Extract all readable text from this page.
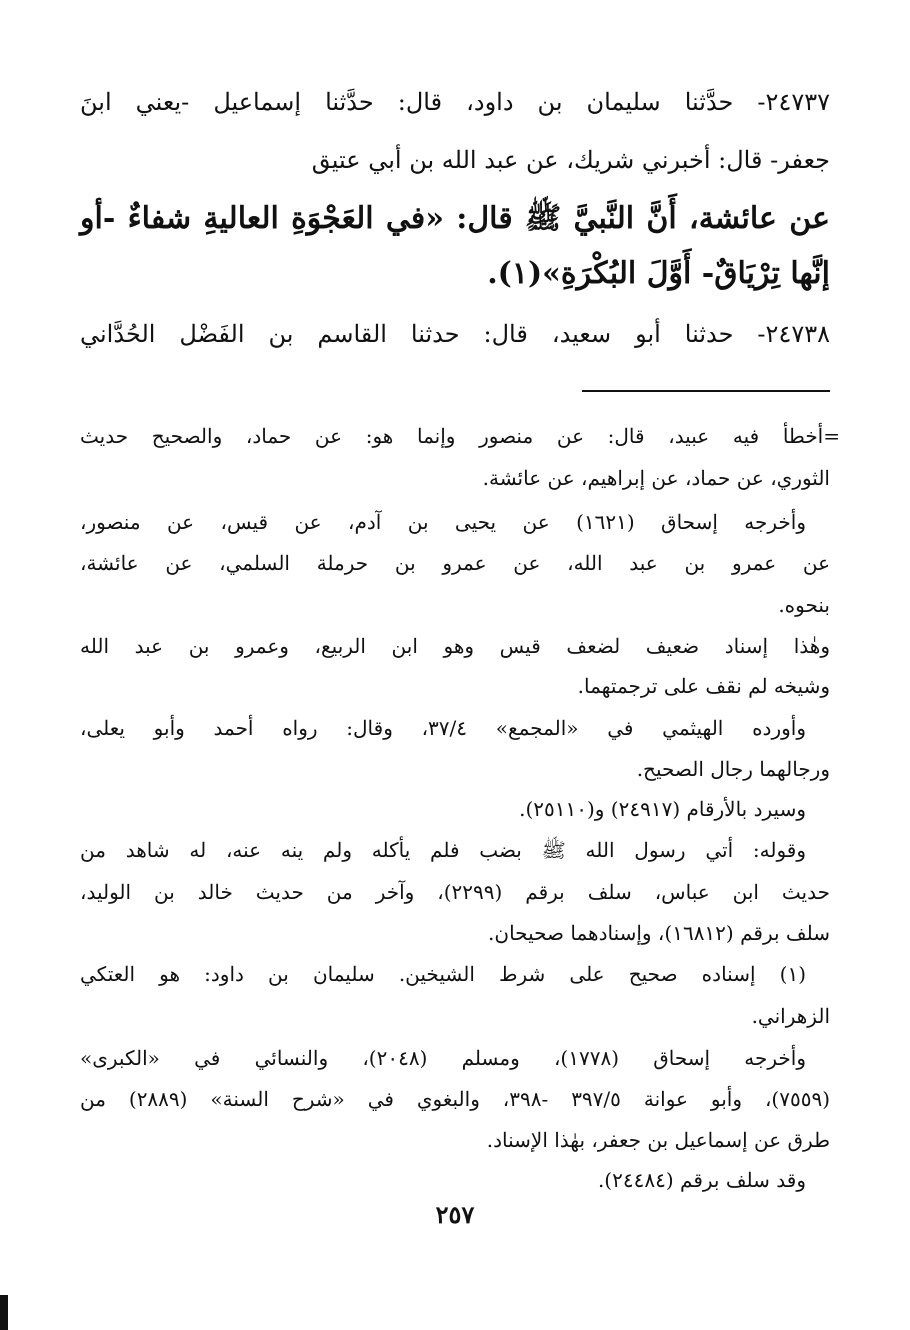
٢٤٧٣٧- حدَّثنا سليمان بن داود، قال: حدَّثنا إسماعيل -يعني ابنَ
جعفر- قال: أخبرني شريك، عن عبد الله بن أبي عتيق
عن عائشة، أَنَّ النَّبيَّ ﷺ قال: «في العَجْوَةِ العاليةِ شفاءٌ -أو
إنَّها تِرْيَاقٌ- أَوَّلَ البُكْرَةِ»(١).
٢٤٧٣٨- حدثنا أبو سعيد، قال: حدثنا القاسم بن الفَضْل الحُدَّاني
=أخطأ فيه عبيد، قال: عن منصور وإنما هو: عن حماد، والصحيح حديث
الثوري، عن حماد، عن إبراهيم، عن عائشة.
وأخرجه إسحاق (١٦٢١) عن يحيى بن آدم، عن قيس، عن منصور،
عن عمرو بن عبد الله، عن عمرو بن حرملة السلمي، عن عائشة،
بنحوه.
وهٰذا إسناد ضعيف لضعف قيس وهو ابن الربيع، وعمرو بن عبد الله
وشيخه لم نقف على ترجمتهما.
وأورده الهيثمي في «المجمع» ٣٧/٤، وقال: رواه أحمد وأبو يعلى،
ورجالهما رجال الصحيح.
وسيرد بالأرقام (٢٤٩١٧) و(٢٥١١٠).
وقوله: أتي رسول الله ﷺ بضب فلم يأكله ولم ينه عنه، له شاهد من
حديث ابن عباس، سلف برقم (٢٢٩٩)، وآخر من حديث خالد بن الوليد،
سلف برقم (١٦٨١٢)، وإسنادهما صحيحان.
(١) إسناده صحيح على شرط الشيخين. سليمان بن داود: هو العتكي
الزهراني.
وأخرجه إسحاق (١٧٧٨)، ومسلم (٢٠٤٨)، والنسائي في «الكبرى»
(٧٥٥٩)، وأبو عوانة ٣٩٧/٥ -٣٩٨، والبغوي في «شرح السنة» (٢٨٨٩) من
طرق عن إسماعيل بن جعفر، بهٰذا الإسناد.
وقد سلف برقم (٢٤٤٨٤).
٢٥٧
